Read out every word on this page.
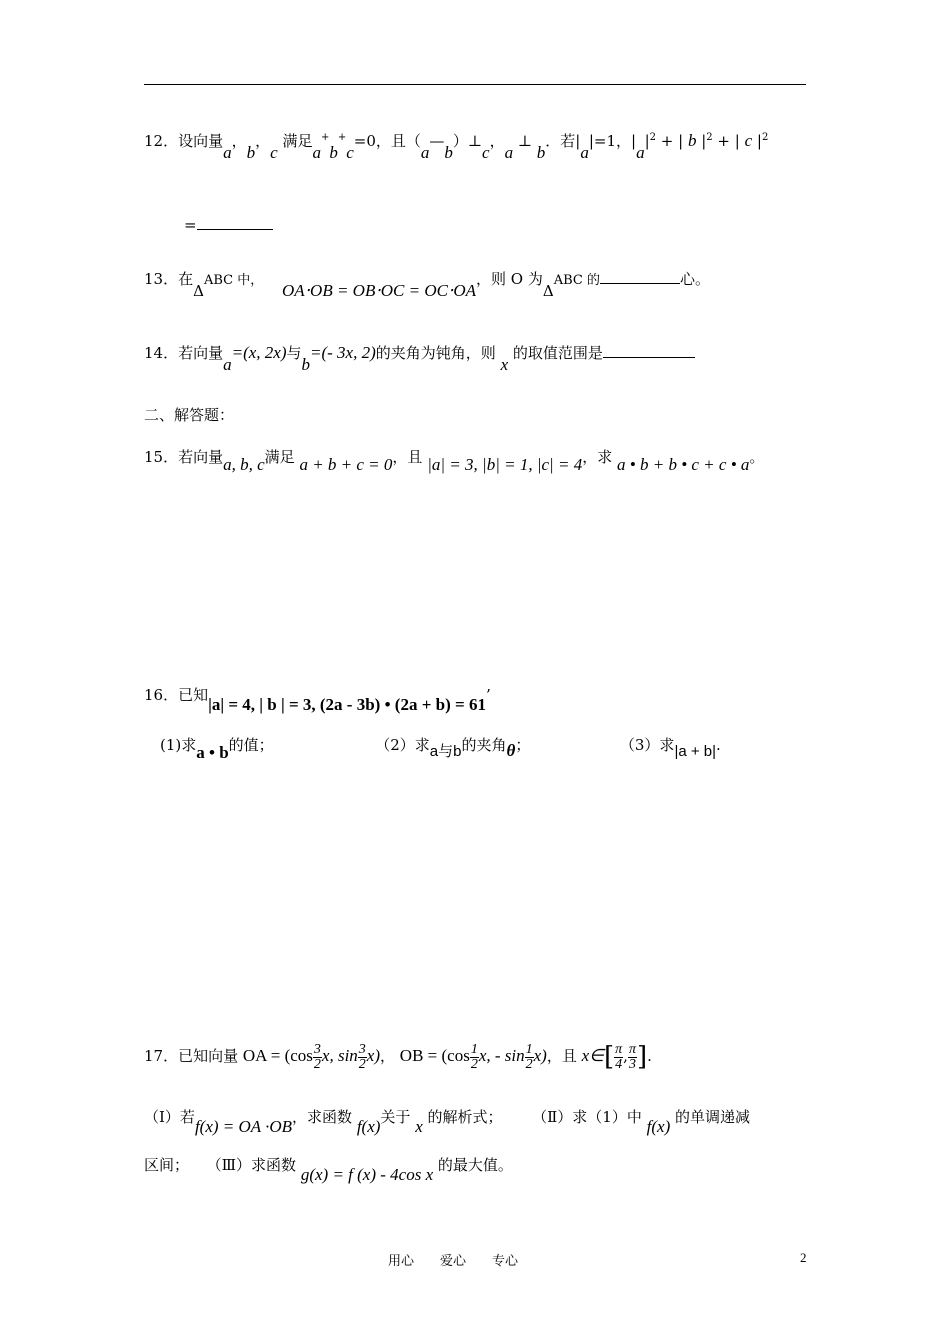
12．设向量a，b，c 满足a+b+c=0，且（a—b）⊥c，a ⊥ b．若|a|=1，$|a|^2$ + | b $|^2$ + | c $|^2$
=
13．在ΔABC 中， OA⋅OB = OB⋅OC = OC⋅OA，则 O 为ΔABC 的	心。
14．若向量a=(x, 2x)与b=(- 3x, 2)的夹角为钝角，则 x 的取值范围是
二、解答题：
15．若向量a, b, c满足 a + b + c = 0，且 |a| = 3, |b| = 1, |c| = 4，求 a • b + b • c + c • a。
16．已知|a| = 4, | b | = 3, (2a - 3b) • (2a + b) = 61’
(1)求a • b的值；	（2）求a与b的夹角θ；	（3）求|a + b|.
17．已知向量 OA = ($\cos \frac{3}{2} x$, $\sin \frac{3}{2} x$)， OB = ($\cos \frac{1}{2} x$, - $\sin \frac{1}{2} x$)，且 x∈[ $\frac{\pi}{4}$ , $\frac{\pi}{3}$ ].
（Ⅰ）若f(x) = OA ·OB，求函数 f(x)关于 x 的解析式； （Ⅱ）求（1）中 f(x) 的单调递减
区间； （Ⅲ）求函数 g(x) = f (x) - 4cos x 的最大值。
用心　　爱心　　专心	2
